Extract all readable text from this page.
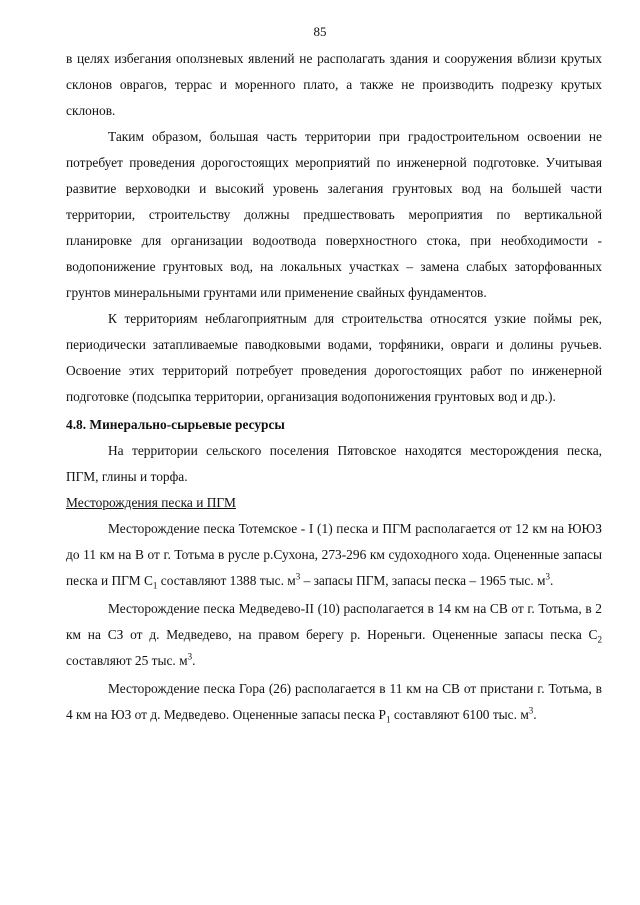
85

в целях избегания оползневых явлений не располагать здания и сооружения вблизи крутых склонов оврагов, террас и моренного плато, а также не производить подрезку крутых склонов.

Таким образом, большая часть территории при градостроительном освоении не потребует проведения дорогостоящих мероприятий по инженерной подготовке. Учитывая развитие верховодки и высокий уровень залегания грунтовых вод на большей части территории, строительству должны предшествовать мероприятия по вертикальной планировке для организации водоотвода поверхностного стока, при необходимости - водопонижение грунтовых вод, на локальных участках – замена слабых заторфованных грунтов минеральными грунтами или применение свайных фундаментов.

К территориям неблагоприятным для строительства относятся узкие поймы рек, периодически затапливаемые паводковыми водами, торфяники, овраги и долины ручьев. Освоение этих территорий потребует проведения дорогостоящих работ по инженерной подготовке (подсыпка территории, организация водопонижения грунтовых вод и др.).

4.8. Минерально-сырьевые ресурсы

На территории сельского поселения Пятовское находятся месторождения песка, ПГМ, глины и торфа.

Месторождения песка и ПГМ

Месторождение песка Тотемское - I (1) песка и ПГМ располагается от 12 км на ЮЮЗ до 11 км на В от г. Тотьма в русле р.Сухона, 273-296 км судоходного хода. Оцененные запасы песка и ПГМ $С_1$ составляют 1388 тыс. $м^3$ – запасы ПГМ, запасы песка – 1965 тыс. $м^3$.

Месторождение песка Медведево-II (10) располагается в 14 км на СВ от г. Тотьма, в 2 км на СЗ от д. Медведево, на правом берегу р. Нореньги. Оцененные запасы песка $С_2$ составляют 25 тыс. $м^3$.

Месторождение песка Гора (26) располагается в 11 км на СВ от пристани г. Тотьма, в 4 км на ЮЗ от д. Медведево. Оцененные запасы песка $Р_1$ составляют 6100 тыс. $м^3$.
